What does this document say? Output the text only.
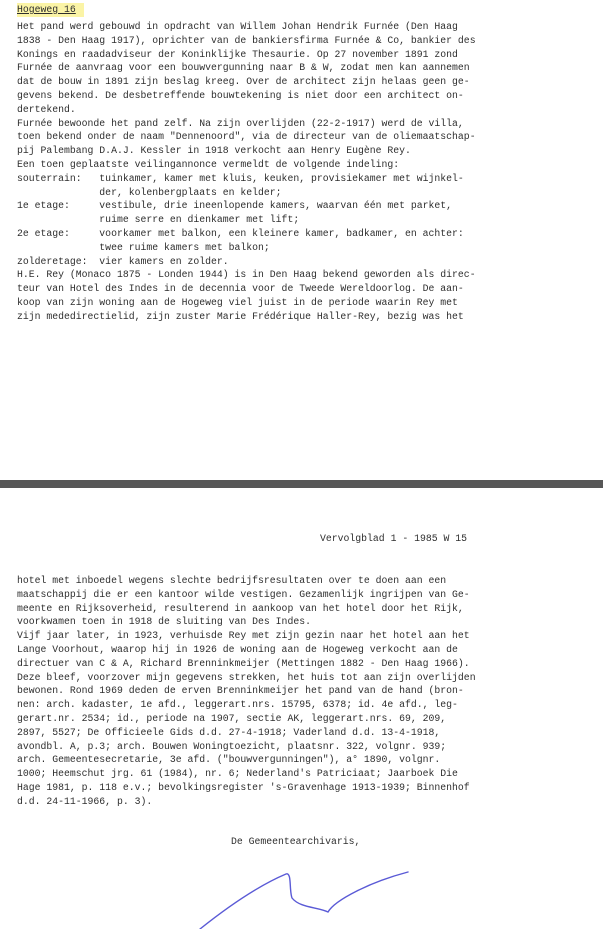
Hogeweg 16
Het pand werd gebouwd in opdracht van Willem Johan Hendrik Furnée (Den Haag
1838 - Den Haag 1917), oprichter van de bankiersfirma Furnée & Co, bankier des
Konings en raadadviseur der Koninklijke Thesaurie. Op 27 november 1891 zond
Furnée de aanvraag voor een bouwvergunning naar B & W, zodat men kan aannemen
dat de bouw in 1891 zijn beslag kreeg. Over de architect zijn helaas geen ge-
gevens bekend. De desbetreffende bouwtekening is niet door een architect on-
dertekend.
Furnée bewoonde het pand zelf. Na zijn overlijden (22-2-1917) werd de villa,
toen bekend onder de naam "Dennenoord", via de directeur van de oliemaatschap-
pij Palembang D.A.J. Kessler in 1918 verkocht aan Henry Eugène Rey.
Een toen geplaatste veilingannonce vermeldt de volgende indeling:
souterrain:   tuinkamer, kamer met kluis, keuken, provisiekamer met wijnkel-
der, kolenbergplaats en kelder;
1e etage:     vestibule, drie ineenlopende kamers, waarvan één met parket,
ruime serre en dienkamer met lift;
2e etage:     voorkamer met balkon, een kleinere kamer, badkamer, en achter:
twee ruime kamers met balkon;
zolderetage:  vier kamers en zolder.
H.E. Rey (Monaco 1875 - Londen 1944) is in Den Haag bekend geworden als direc-
teur van Hotel des Indes in de decennia voor de Tweede Wereldoorlog. De aan-
koop van zijn woning aan de Hogeweg viel juist in de periode waarin Rey met
zijn mededirectielid, zijn zuster Marie Frédérique Haller-Rey, bezig was het
Vervolgblad 1 - 1985 W 15
hotel met inboedel wegens slechte bedrijfsresultaten over te doen aan een
maatschappij die er een kantoor wilde vestigen. Gezamenlijk ingrijpen van Ge-
meente en Rijksoverheid, resulterend in aankoop van het hotel door het Rijk,
voorkwamen toen in 1918 de sluiting van Des Indes.
Vijf jaar later, in 1923, verhuisde Rey met zijn gezin naar het hotel aan het
Lange Voorhout, waarop hij in 1926 de woning aan de Hogeweg verkocht aan de
directuer van C & A, Richard Brenninkmeijer (Mettingen 1882 - Den Haag 1966).
Deze bleef, voorzover mijn gegevens strekken, het huis tot aan zijn overlijden
bewonen. Rond 1969 deden de erven Brenninkmeijer het pand van de hand (bron-
nen: arch. kadaster, 1e afd., leggerart.nrs. 15795, 6378; id. 4e afd., leg-
gerart.nr. 2534; id., periode na 1907, sectie AK, leggerart.nrs. 69, 209,
2897, 5527; De Officieele Gids d.d. 27-4-1918; Vaderland d.d. 13-4-1918,
avondbl. A, p.3; arch. Bouwen Woningtoezicht, plaatsnr. 322, volgnr. 939;
arch. Gemeentesecretarie, 3e afd. ("bouwvergunningen"), a° 1890, volgnr.
1000; Heemschut jrg. 61 (1984), nr. 6; Nederland's Patriciaat; Jaarboek Die
Hage 1981, p. 118 e.v.; bevolkingsregister 's-Gravenhage 1913-1939; Binnenhof
d.d. 24-11-1966, p. 3).
De Gemeentearchivaris,
